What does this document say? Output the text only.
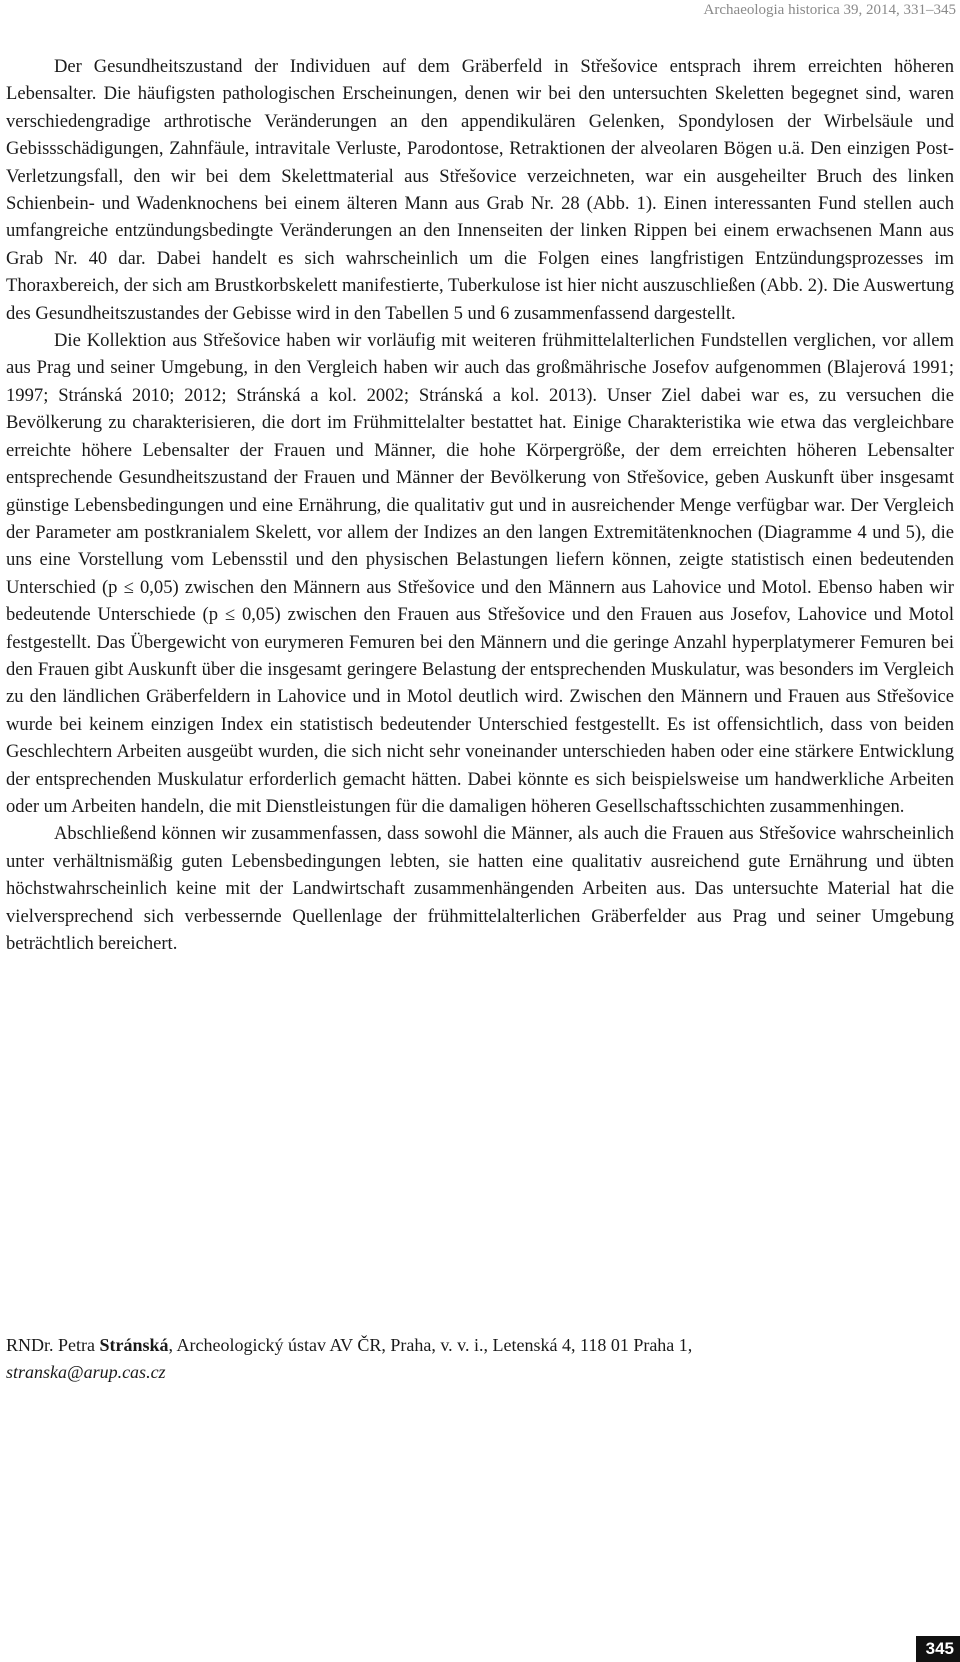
Archaeologia historica 39, 2014, 331–345

Der Gesundheitszustand der Individuen auf dem Gräberfeld in Střešovice entsprach ihrem erreichten höheren Lebensalter. Die häufigsten pathologischen Erscheinungen, denen wir bei den untersuchten Skeletten begegnet sind, waren verschiedengradige arthrotische Veränderungen an den appendikulären Gelenken, Spondylosen der Wirbelsäule und Gebissschädigungen, Zahnfäule, intravitale Verluste, Parodontose, Retraktionen der alveolaren Bögen u.ä. Den einzigen Post-Verletzungsfall, den wir bei dem Skelettmaterial aus Střešovice verzeichneten, war ein ausgeheilter Bruch des linken Schienbein- und Wadenknochens bei einem älteren Mann aus Grab Nr. 28 (Abb. 1). Einen interessanten Fund stellen auch umfangreiche entzündungsbedingte Veränderungen an den Innenseiten der linken Rippen bei einem erwachsenen Mann aus Grab Nr. 40 dar. Dabei handelt es sich wahrscheinlich um die Folgen eines langfristigen Entzündungsprozesses im Thoraxbereich, der sich am Brustkorbskelett manifestierte, Tuberkulose ist hier nicht auszuschließen (Abb. 2). Die Auswertung des Gesundheitszustandes der Gebisse wird in den Tabellen 5 und 6 zusammenfassend dargestellt.

Die Kollektion aus Střešovice haben wir vorläufig mit weiteren frühmittelalterlichen Fundstellen verglichen, vor allem aus Prag und seiner Umgebung, in den Vergleich haben wir auch das großmährische Josefov aufgenommen (Blajerová 1991; 1997; Stránská 2010; 2012; Stránská a kol. 2002; Stránská a kol. 2013). Unser Ziel dabei war es, zu versuchen die Bevölkerung zu charakterisieren, die dort im Frühmittelalter bestattet hat. Einige Charakteristika wie etwa das vergleichbare erreichte höhere Lebensalter der Frauen und Männer, die hohe Körpergröße, der dem erreichten höheren Lebensalter entsprechende Gesundheitszustand der Frauen und Männer der Bevölkerung von Střešovice, geben Auskunft über insgesamt günstige Lebensbedingungen und eine Ernährung, die qualitativ gut und in ausreichender Menge verfügbar war. Der Vergleich der Parameter am postkranialem Skelett, vor allem der Indizes an den langen Extremitätenknochen (Diagramme 4 und 5), die uns eine Vorstellung vom Lebensstil und den physischen Belastungen liefern können, zeigte statistisch einen bedeutenden Unterschied (p ≤ 0,05) zwischen den Männern aus Střešovice und den Männern aus Lahovice und Motol. Ebenso haben wir bedeutende Unterschiede (p ≤ 0,05) zwischen den Frauen aus Střešovice und den Frauen aus Josefov, Lahovice und Motol festgestellt. Das Übergewicht von eurymeren Femuren bei den Männern und die geringe Anzahl hyperplatymerer Femuren bei den Frauen gibt Auskunft über die insgesamt geringere Belastung der entsprechenden Muskulatur, was besonders im Vergleich zu den ländlichen Gräberfeldern in Lahovice und in Motol deutlich wird. Zwischen den Männern und Frauen aus Střešovice wurde bei keinem einzigen Index ein statistisch bedeutender Unterschied festgestellt. Es ist offensichtlich, dass von beiden Geschlechtern Arbeiten ausgeübt wurden, die sich nicht sehr voneinander unterschieden haben oder eine stärkere Entwicklung der entsprechenden Muskulatur erforderlich gemacht hätten. Dabei könnte es sich beispielsweise um handwerkliche Arbeiten oder um Arbeiten handeln, die mit Dienstleistungen für die damaligen höheren Gesellschaftsschichten zusammenhingen.

Abschließend können wir zusammenfassen, dass sowohl die Männer, als auch die Frauen aus Střešovice wahrscheinlich unter verhältnismäßig guten Lebensbedingungen lebten, sie hatten eine qualitativ ausreichend gute Ernährung und übten höchstwahrscheinlich keine mit der Landwirtschaft zusammenhängenden Arbeiten aus. Das untersuchte Material hat die vielversprechend sich verbessernde Quellenlage der frühmittelalterlichen Gräberfelder aus Prag und seiner Umgebung beträchtlich bereichert.

RNDr. Petra Stránská, Archeologický ústav AV ČR, Praha, v. v. i., Letenská 4, 118 01 Praha 1,
stranska@arup.cas.cz
345
